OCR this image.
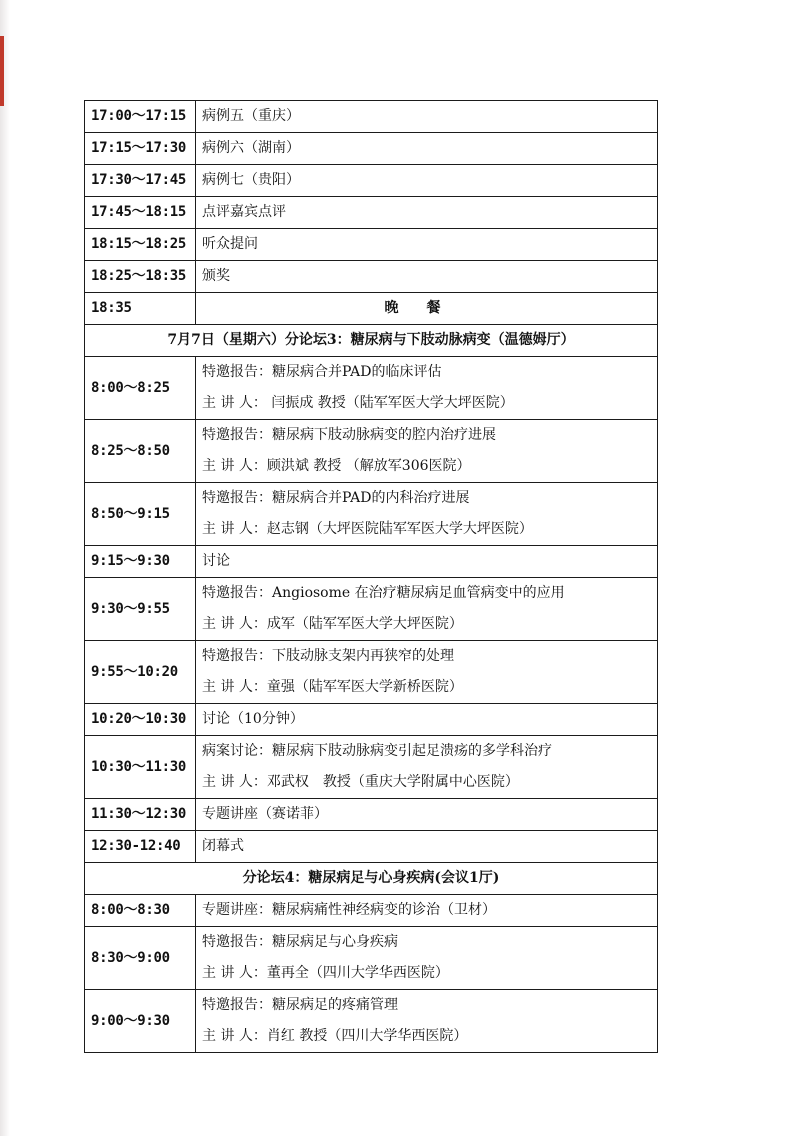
17:00～17:15	病例五（重庆）
17:15～17:30	病例六（湖南）
17:30～17:45	病例七（贵阳）
17:45～18:15	点评嘉宾点评
18:15～18:25	听众提问
18:25～18:35	颁奖
18:35	晚餐
7月7日（星期六）分论坛3：糖尿病与下肢动脉病变（温德姆厅）	
8:00～8:25	特邀报告：糖尿病合并PAD的临床评估
主 讲 人： 闫振成 教授（陆军军医大学大坪医院）

8:25～8:50	特邀报告：糖尿病下肢动脉病变的腔内治疗进展
主 讲 人：顾洪斌 教授 （解放军306医院）

8:50～9:15	特邀报告：糖尿病合并PAD的内科治疗进展
主 讲 人：赵志钢（大坪医院陆军军医大学大坪医院）

9:15～9:30	讨论
9:30～9:55	特邀报告：Angiosome 在治疗糖尿病足血管病变中的应用
主 讲 人：成军（陆军军医大学大坪医院）

9:55～10:20	特邀报告：下肢动脉支架内再狭窄的处理
主 讲 人：童强（陆军军医大学新桥医院）

10:20～10:30	讨论（10分钟）
10:30～11:30	病案讨论：糖尿病下肢动脉病变引起足溃疡的多学科治疗
主 讲 人：邓武权　教授（重庆大学附属中心医院）

11:30～12:30	专题讲座（赛诺菲）
12:30-12:40	闭幕式
分论坛4：糖尿病足与心身疾病(会议1厅)	
8:00～8:30	专题讲座：糖尿病痛性神经病变的诊治（卫材）
8:30～9:00	特邀报告：糖尿病足与心身疾病
主 讲 人：董再全（四川大学华西医院）

9:00～9:30	特邀报告：糖尿病足的疼痛管理
主 讲 人：肖红 教授（四川大学华西医院）
